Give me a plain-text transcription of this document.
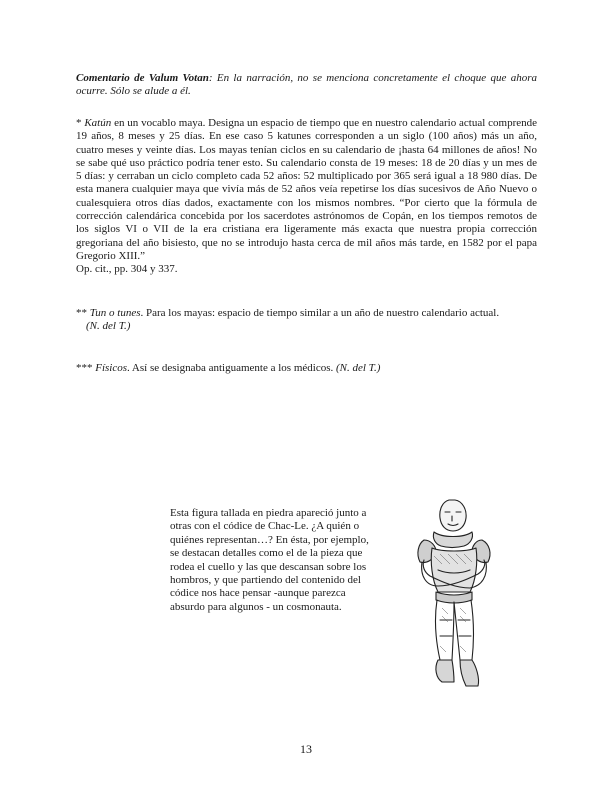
Comentario de Valum Votan: En la narración, no se menciona concretamente el choque que ahora ocurre. Sólo se alude a él.
* Katún en un vocablo maya. Designa un espacio de tiempo que en nuestro calendario actual comprende 19 años, 8 meses y 25 días. En ese caso 5 katunes corresponden a un siglo (100 años) más un año, cuatro meses y veinte días. Los mayas tenían ciclos en su calendario de ¡hasta 64 millones de años! No se sabe qué uso práctico podría tener esto. Su calendario consta de 19 meses: 18 de 20 días y un mes de 5 días: y cerraban un ciclo completo cada 52 años: 52 multiplicado por 365 será igual a 18 980 días. De esta manera cualquier maya que vivía más de 52 años veía repetirse los días sucesivos de Año Nuevo o cualesquiera otros días dados, exactamente con los mismos nombres. “Por cierto que la fórmula de corrección calendárica concebida por los sacerdotes astrónomos de Copán, en los tiempos remotos de los siglos VI o VII de la era cristiana era ligeramente más exacta que nuestra propia corrección gregoriana del año bisiesto, que no se introdujo hasta cerca de mil años más tarde, en 1582 por el papa Gregorio XIII.”
Op. cit., pp. 304 y 337.
** Tun o tunes. Para los mayas: espacio de tiempo similar a un año de nuestro calendario actual.
(N. del T.)
*** Físicos. Así se designaba antiguamente a los médicos. (N. del T.)
Esta figura tallada en piedra apareció junto a otras con el códice de Chac-Le. ¿A quién o quiénes representan…? En ésta, por ejemplo, se destacan detalles como el de la pieza que rodea el cuello y las que descansan sobre los hombros, y que partiendo del contenido del códice nos hace pensar -aunque parezca absurdo para algunos - un cosmonauta.
13
